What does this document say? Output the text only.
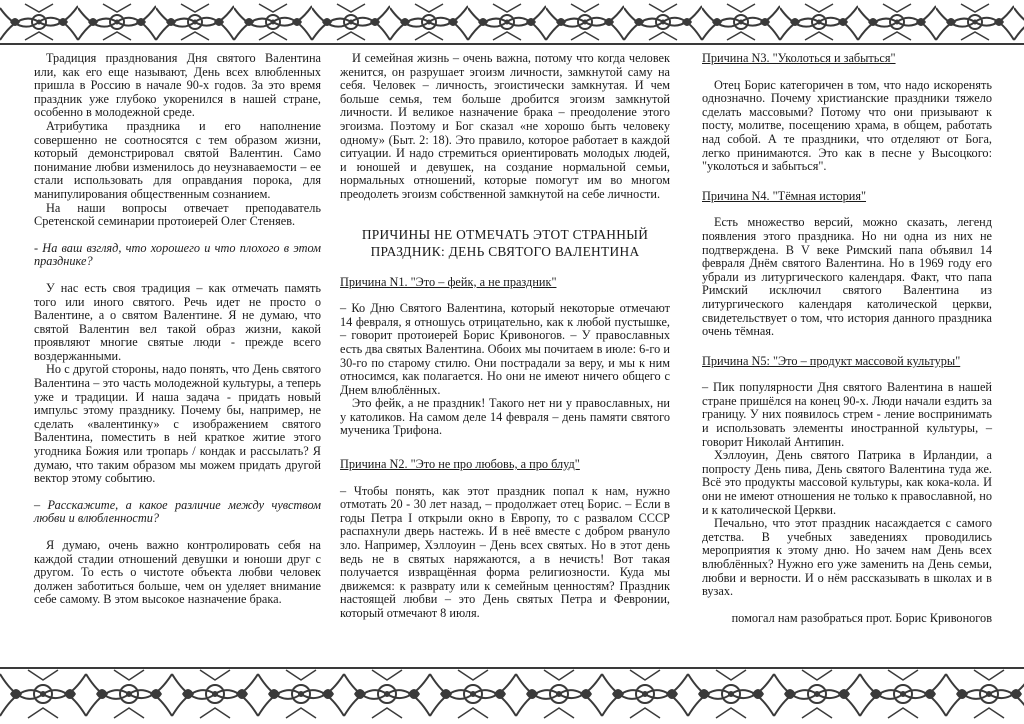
Традиция празднования Дня святого Валентина или, как его еще называют, День всех влюбленных пришла в Россию в начале 90-х годов. За это время праздник уже глубоко укоренился в нашей стране, особенно в молодежной среде.

Атрибутика праздника и его наполнение совершенно не соотносятся с тем образом жизни, который демонстрировал святой Валентин. Само понимание любви изменилось до неузнаваемости – ее стали использовать для оправдания порока, для манипулирования общественным сознанием.

На наши вопросы отвечает преподаватель Сретенской семинарии протоиерей Олег Стеняев.

- На ваш взгляд, что хорошего и что плохого в этом празднике?

У нас есть своя традиция – как отмечать память того или иного святого. Речь идет не просто о Валентине, а о святом Валентине. Я не думаю, что святой Валентин вел такой образ жизни, какой проявляют многие святые люди - прежде всего воздержанными.

Но с другой стороны, надо понять, что День святого Валентина – это часть молодежной культуры, а теперь уже и традиции. И наша задача - придать новый импульс этому празднику. Почему бы, например, не сделать «валентинку» с изображением святого Валентина, поместить в ней краткое житие этого угодника Божия или тропарь / кондак и рассылать? Я думаю, что таким образом мы можем придать другой вектор этому событию.

– Расскажите, а какое различие между чувством любви и влюбленности?

Я думаю, очень важно контролировать себя на каждой стадии отношений девушки и юноши друг с другом. То есть о чистоте объекта любви человек должен заботиться больше, чем он уделяет внимание себе самому. В этом высокое назначение брака.

И семейная жизнь – очень важна, потому что когда человек женится, он разрушает эгоизм личности, замкнутой саму на себя. Человек – личность, эгоистически замкнутая. И чем больше семья, тем больше дробится эгоизм замкнутой личности. И великое назначение брака – преодоление этого эгоизма. Поэтому и Бог сказал «не хорошо быть человеку одному» (Быт. 2: 18). Это правило, которое работает в каждой ситуации. И надо стремиться ориентировать молодых людей, и юношей и девушек, на создание нормальной семьи, нормальных отношений, которые помогут им во многом преодолеть эгоизм собственной замкнутой на себе личности.

ПРИЧИНЫ НЕ ОТМЕЧАТЬ ЭТОТ СТРАННЫЙ ПРАЗДНИК: ДЕНЬ СВЯТОГО ВАЛЕНТИНА

Причина N1. "Это – фейк, а не праздник"

– Ко Дню Святого Валентина, который некоторые отмечают 14 февраля, я отношусь отрицательно, как к любой пустышке, – говорит протоиерей Борис Кривоногов. – У православных есть два святых Валентина. Обоих мы почитаем в июле: 6-го и 30-го по старому стилю. Они пострадали за веру, и мы к ним относимся, как полагается. Но они не имеют ничего общего с Днем влюблённых.

Это фейк, а не праздник! Такого нет ни у православных, ни у католиков. На самом деле 14 февраля – день памяти святого мученика Трифона.

Причина N2. "Это не про любовь, а про блуд"

– Чтобы понять, как этот праздник попал к нам, нужно отмотать 20 - 30 лет назад, – продолжает отец Борис. – Если в годы Петра I открыли окно в Европу, то с развалом СССР распахнули дверь настежь. И в неё вместе с добром рванулo зло. Например, Хэллоуин – День всех святых. Но в этот день ведь не в святых наряжаются, а в нечисть! Вот такая получается извращённая форма религиозности. Куда мы движемся: к разврату или к семейным ценностям? Праздник настоящей любви – это День святых Петра и Февронии, который отмечают 8 июля.

Причина N3. "Уколоться и забыться"

Отец Борис категоричен в том, что надо искоренять однозначно. Почему христианские праздники тяжело сделать массовыми? Потому что они призывают к посту, молитве, посещению храма, в общем, работать над собой. А те праздники, что отделяют от Бога, легко принимаются. Это как в песне у Высоцкого: "уколоться и забыться".

Причина N4. "Тёмная история"

Есть множество версий, можно сказать, легенд появления этого праздника. Но ни одна из них не подтверждена. В V веке Римский папа объявил 14 февраля Днём святого Валентина. Но в 1969 году его убрали из литургического календаря. Факт, что папа Римский исключил святого Валентина из литургического календаря католической церкви, свидетельствует о том, что история данного праздника очень тёмная.

Причина N5: "Это – продукт массовой культуры"

– Пик популярности Дня святого Валентина в нашей стране пришёлся на конец 90-х. Люди начали ездить за границу. У них появилось стрем - ление воспринимать и использовать элементы иностранной культуры, – говорит Николай Антипин.

Хэллоуин, День святого Патрика в Ирландии, а попросту День пива, День святого Валентина туда же. Всё это продукты массовой культуры, как кока-кола. И они не имеют отношения не только к православной, но и к католической Церкви.

Печально, что этот праздник насаждается с самого детства. В учебных заведениях проводились мероприятия к этому дню. Но зачем нам День всех влюблённых? Нужно его уже заменить на День семьи, любви и верности. И о нём рассказывать в школах и в вузах.

помогал нам разобраться прот. Борис Кривоногов
